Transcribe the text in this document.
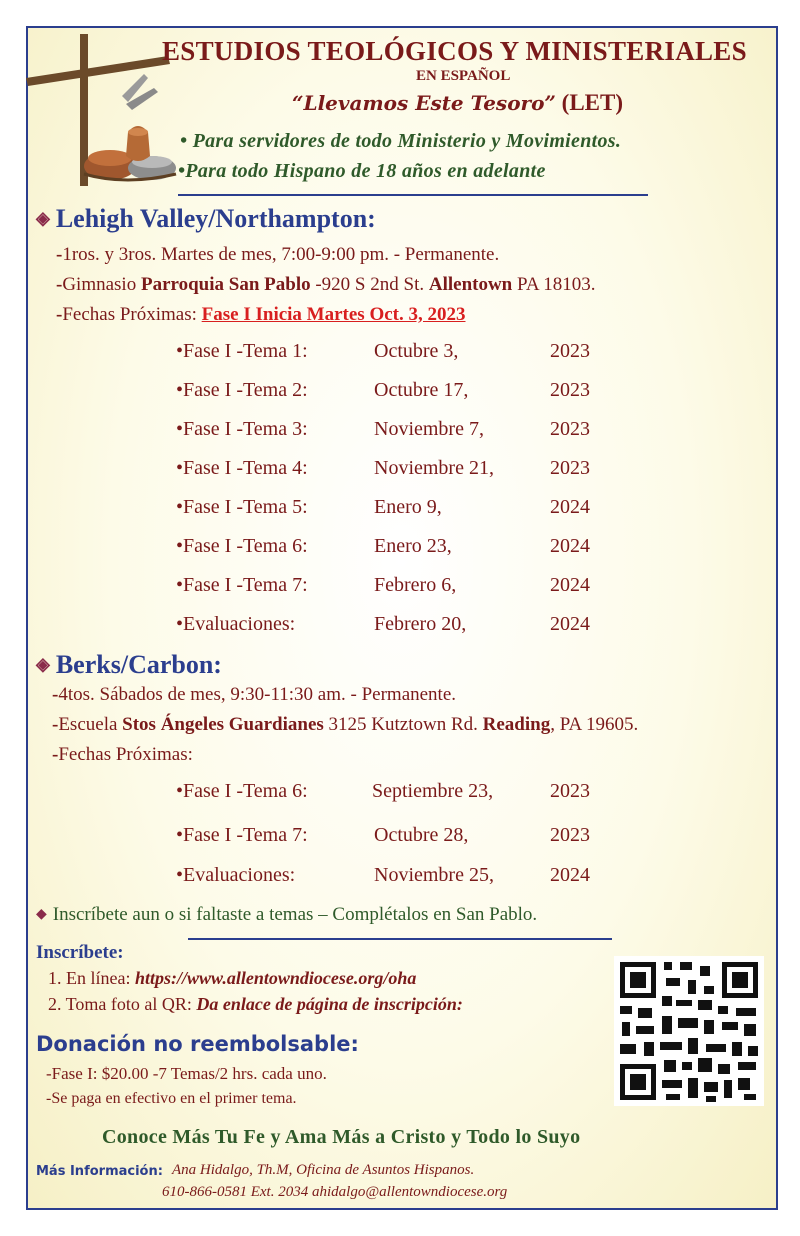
ESTUDIOS TEOLÓGICOS Y MINISTERIALES
EN ESPAÑOL
“Llevamos Este Tesoro” (LET)
• Para servidores de todo Ministerio y Movimientos.
•Para todo Hispano de 18 años en adelante
◈ Lehigh Valley/Northampton:
-1ros. y 3ros. Martes de mes, 7:00-9:00 pm. - Permanente.
-Gimnasio Parroquia San Pablo -920 S 2nd St. Allentown PA 18103.
-Fechas Próximas: Fase I Inicia Martes Oct. 3, 2023
•Fase I -Tema 1:	Octubre 3,	2023
•Fase I -Tema 2:	Octubre 17,	2023
•Fase I -Tema 3:	Noviembre 7,	2023
•Fase I -Tema 4:	Noviembre 21,	2023
•Fase I -Tema 5:	Enero 9,	2024
•Fase I -Tema 6:	Enero 23,	2024
•Fase I -Tema 7:	Febrero 6,	2024
•Evaluaciones:	Febrero 20,	2024
◈ Berks/Carbon:
-4tos. Sábados de mes, 9:30-11:30 am. - Permanente.
-Escuela Stos Ángeles Guardianes 3125 Kutztown Rd. Reading, PA 19605.
-Fechas Próximas:
•Fase I -Tema 6:	Septiembre 23,	2023
•Fase I -Tema 7:	Octubre 28,	2023
•Evaluaciones:	Noviembre 25,	2024
◆ Inscríbete aun o si faltaste a temas – Complétalos en San Pablo.
Inscríbete:
1. En línea: https://www.allentowndiocese.org/oha
2. Toma foto al QR: Da enlace de página de inscripción:
Donación no reembolsable:
-Fase I: $20.00 -7 Temas/2 hrs. cada uno.
-Se paga en efectivo en el primer tema.
Conoce Más Tu Fe y Ama Más a Cristo y Todo lo Suyo
Más Información: Ana Hidalgo, Th.M, Oficina de Asuntos Hispanos.
610-866-0581 Ext. 2034 ahidalgo@allentowndiocese.org
